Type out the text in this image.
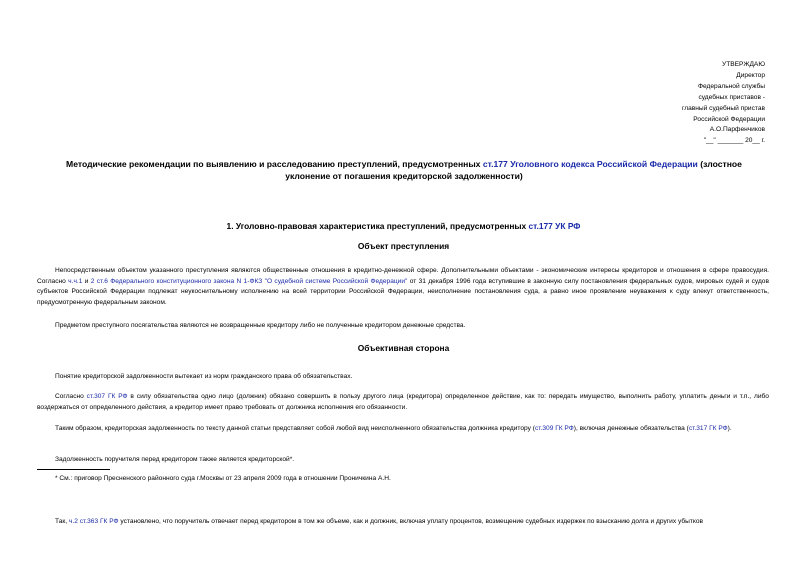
УТВЕРЖДАЮ
Директор
Федеральной службы
судебных приставов -
главный судебный пристав
Российской Федерации
А.О.Парфенчиков
"__" _______ 20__ г.
Методические рекомендации по выявлению и расследованию преступлений, предусмотренных ст.177 Уголовного кодекса Российской Федерации (злостное уклонение от погашения кредиторской задолженности)
1. Уголовно-правовая характеристика преступлений, предусмотренных ст.177 УК РФ
Объект преступления
Непосредственным объектом указанного преступления являются общественные отношения в кредитно-денежной сфере. Дополнительными объектами - экономические интересы кредиторов и отношения в сфере правосудия. Согласно ч.ч.1 и 2 ст.6 Федерального конституционного закона N 1-ФКЗ "О судебной системе Российской Федерации" от 31 декабря 1996 года вступившие в законную силу постановления федеральных судов, мировых судей и судов субъектов Российской Федерации подлежат неукоснительному исполнению на всей территории Российской Федерации, неисполнение постановления суда, а равно иное проявление неуважения к суду влекут ответственность, предусмотренную федеральным законом.
Предметом преступного посягательства являются не возвращенные кредитору либо не полученные кредитором денежные средства.
Объективная сторона
Понятие кредиторской задолженности вытекает из норм гражданского права об обязательствах.
Согласно ст.307 ГК РФ в силу обязательства одно лицо (должник) обязано совершить в пользу другого лица (кредитора) определенное действие, как то: передать имущество, выполнить работу, уплатить деньги и т.п., либо воздержаться от определенного действия, а кредитор имеет право требовать от должника исполнения его обязанности.
Таким образом, кредиторская задолженность по тексту данной статьи представляет собой любой вид неисполненного обязательства должника кредитору (ст.309 ГК РФ), включая денежные обязательства (ст.317 ГК РФ).
Задолженность поручителя перед кредитором также является кредиторской*.
* См.: приговор Пресненского районного суда г.Москвы от 23 апреля 2009 года в отношении Проничкина А.Н.
Так, ч.2 ст.363 ГК РФ установлено, что поручитель отвечает перед кредитором в том же объеме, как и должник, включая уплату процентов, возмещение судебных издержек по взысканию долга и других убытков
